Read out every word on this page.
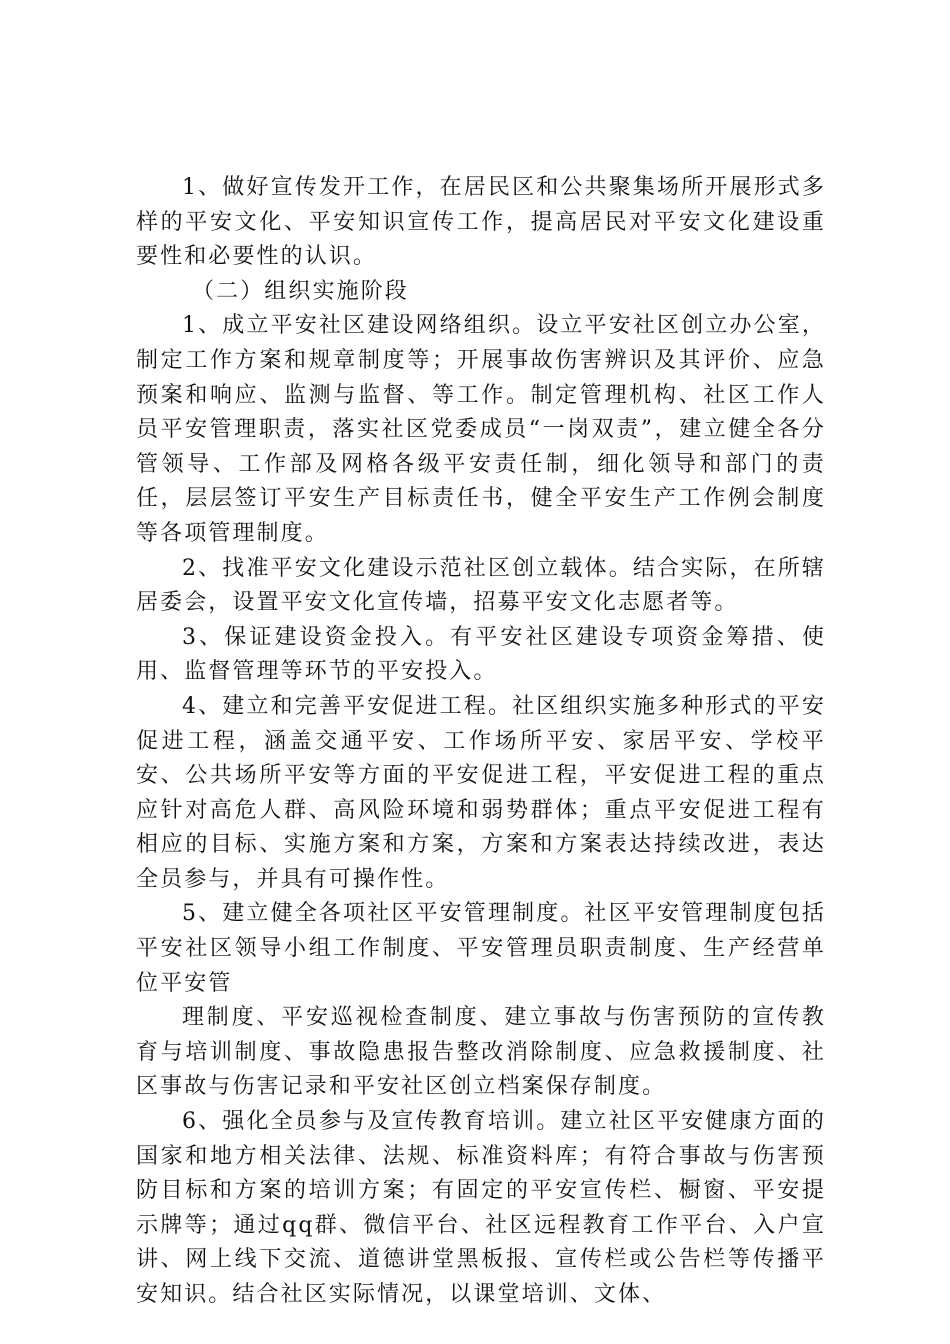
1、做好宣传发开工作，在居民区和公共聚集场所开展形式多样的平安文化、平安知识宣传工作，提高居民对平安文化建设重要性和必要性的认识。

（二）组织实施阶段

1、成立平安社区建设网络组织。设立平安社区创立办公室，制定工作方案和规章制度等；开展事故伤害辨识及其评价、应急预案和响应、监测与监督、等工作。制定管理机构、社区工作人员平安管理职责，落实社区党委成员“一岗双责”，建立健全各分管领导、工作部及网格各级平安责任制，细化领导和部门的责任，层层签订平安生产目标责任书，健全平安生产工作例会制度等各项管理制度。

2、找准平安文化建设示范社区创立载体。结合实际，在所辖居委会，设置平安文化宣传墙，招募平安文化志愿者等。

3、保证建设资金投入。有平安社区建设专项资金筹措、使用、监督管理等环节的平安投入。

4、建立和完善平安促进工程。社区组织实施多种形式的平安促进工程，涵盖交通平安、工作场所平安、家居平安、学校平安、公共场所平安等方面的平安促进工程，平安促进工程的重点应针对高危人群、高风险环境和弱势群体；重点平安促进工程有相应的目标、实施方案和方案，方案和方案表达持续改进，表达全员参与，并具有可操作性。

5、建立健全各项社区平安管理制度。社区平安管理制度包括平安社区领导小组工作制度、平安管理员职责制度、生产经营单位平安管

理制度、平安巡视检查制度、建立事故与伤害预防的宣传教育与培训制度、事故隐患报告整改消除制度、应急救援制度、社区事故与伤害记录和平安社区创立档案保存制度。

6、强化全员参与及宣传教育培训。建立社区平安健康方面的国家和地方相关法律、法规、标准资料库；有符合事故与伤害预防目标和方案的培训方案；有固定的平安宣传栏、橱窗、平安提示牌等；通过qq群、微信平台、社区远程教育工作平台、入户宣讲、网上线下交流、道德讲堂黑板报、宣传栏或公告栏等传播平安知识。结合社区实际情况，以课堂培训、文体、
